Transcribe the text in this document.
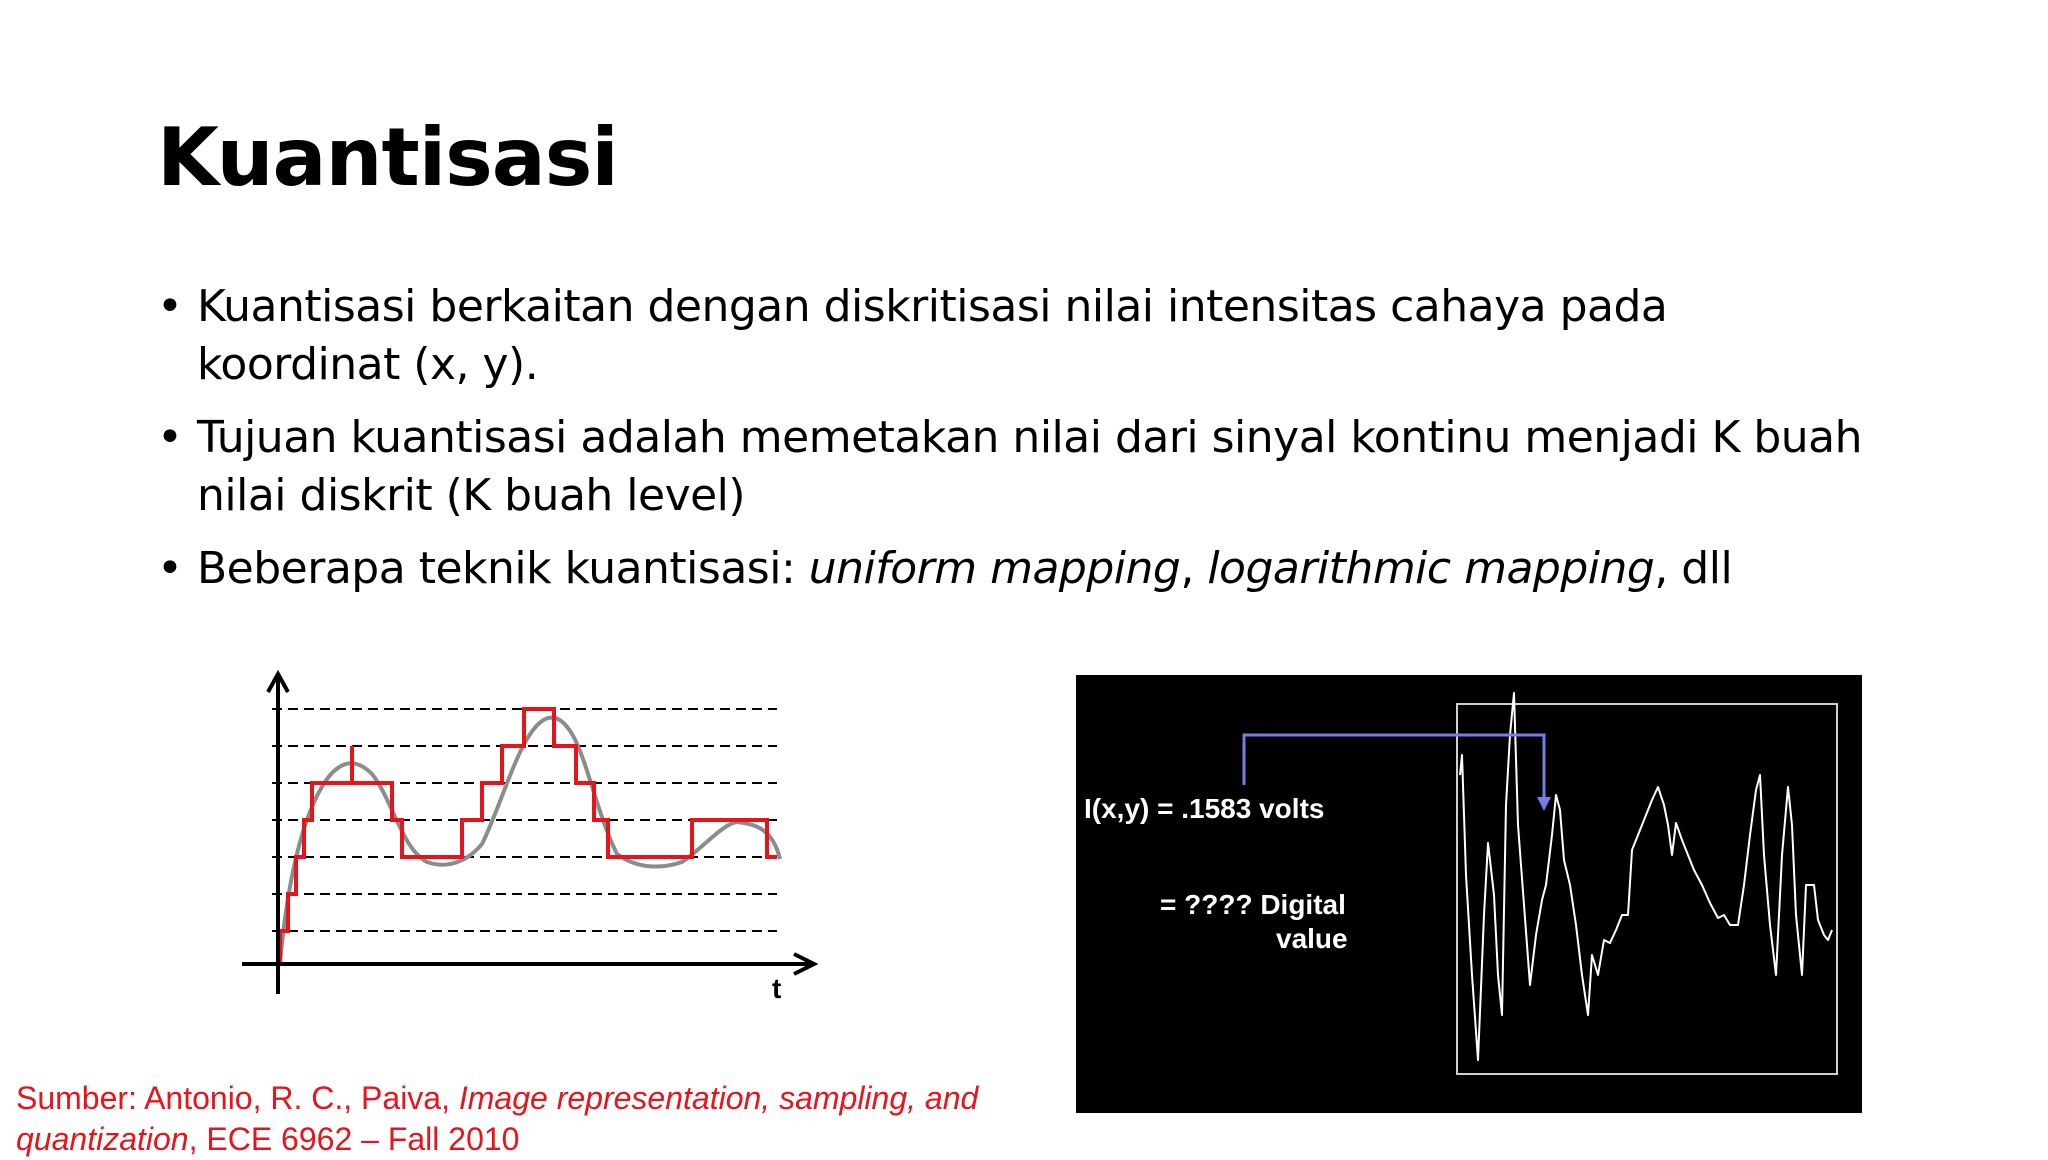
Kuantisasi
• Kuantisasi berkaitan dengan diskritisasi nilai intensitas cahaya pada koordinat (x, y).
• Tujuan kuantisasi adalah memetakan nilai dari sinyal kontinu menjadi K buah nilai diskrit (K buah level)
• Beberapa teknik kuantisasi: uniform mapping, logarithmic mapping, dll
t
I(x,y) = .1583 volts
= ???? Digital
value
Sumber: Antonio, R. C., Paiva, Image representation, sampling, and quantization, ECE 6962 – Fall 2010
